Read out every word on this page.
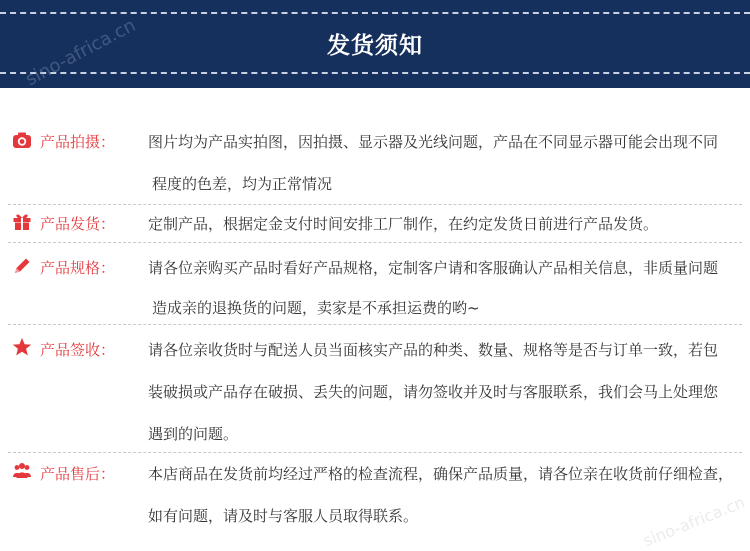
发货须知
sino-africa.cn
产品拍摄： 图片均为产品实拍图，因拍摄、显示器及光线问题，产品在不同显示器可能会出现不同
程度的色差，均为正常情况
产品发货： 定制产品，根据定金支付时间安排工厂制作，在约定发货日前进行产品发货。
产品规格： 请各位亲购买产品时看好产品规格，定制客户请和客服确认产品相关信息，非质量问题
造成亲的退换货的问题，卖家是不承担运费的哟~
产品签收： 请各位亲收货时与配送人员当面核实产品的种类、数量、规格等是否与订单一致，若包
装破损或产品存在破损、丢失的问题，请勿签收并及时与客服联系，我们会马上处理您
遇到的问题。
产品售后： 本店商品在发货前均经过严格的检查流程，确保产品质量，请各位亲在收货前仔细检查，
如有问题，请及时与客服人员取得联系。	sino-africa.cn
